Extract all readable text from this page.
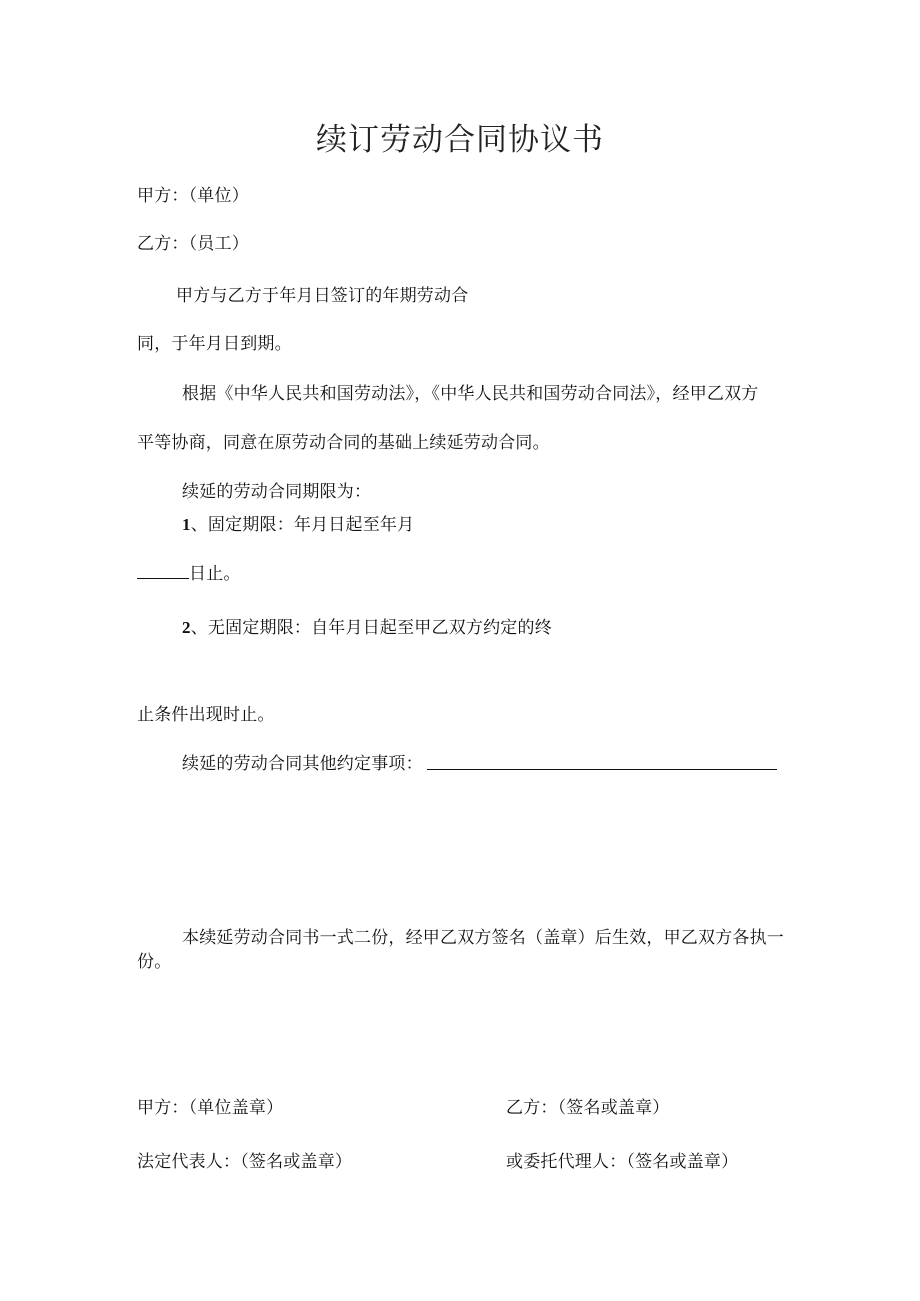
续订劳动合同协议书
甲方：（单位）
乙方：（员工）
甲方与乙方于年月日签订的年期劳动合
同，于年月日到期。
根据《中华人民共和国劳动法》，《中华人民共和国劳动合同法》，经甲乙双方
平等协商，同意在原劳动合同的基础上续延劳动合同。
续延的劳动合同期限为：
1、固定期限：年月日起至年月
日止。
2、无固定期限：自年月日起至甲乙双方约定的终
止条件出现时止。
续延的劳动合同其他约定事项：
本续延劳动合同书一式二份，经甲乙双方签名（盖章）后生效，甲乙双方各执一
份。
甲方：（单位盖章）	乙方：（签名或盖章）
法定代表人：（签名或盖章）	或委托代理人：（签名或盖章）
